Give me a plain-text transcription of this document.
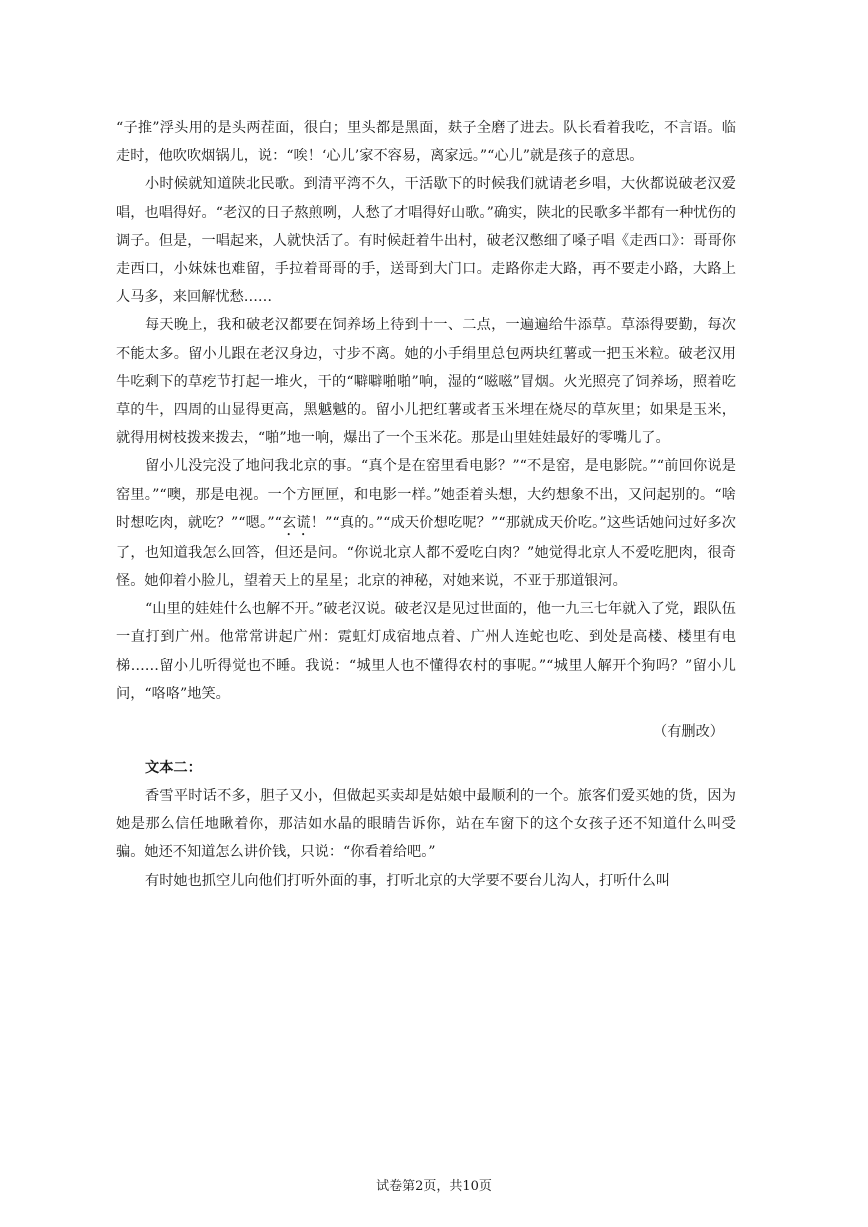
“子推”浮头用的是头两茬面，很白；里头都是黑面，麸子全磨了进去。队长看着我吃，不言语。临走时，他吹吹烟锅儿，说：“唉！‘心儿’家不容易，离家远。”“心儿”就是孩子的意思。

小时候就知道陕北民歌。到清平湾不久，干活歇下的时候我们就请老乡唱，大伙都说破老汉爱唱，也唱得好。“老汉的日子熬煎咧，人愁了才唱得好山歌。”确实，陕北的民歌多半都有一种忧伤的调子。但是，一唱起来，人就快活了。有时候赶着牛出村，破老汉憋细了嗓子唱《走西口》：哥哥你走西口，小妹妹也难留，手拉着哥哥的手，送哥到大门口。走路你走大路，再不要走小路，大路上人马多，来回解忧愁……

每天晚上，我和破老汉都要在饲养场上待到十一、二点，一遍遍给牛添草。草添得要勤，每次不能太多。留小儿跟在老汉身边，寸步不离。她的小手绢里总包两块红薯或一把玉米粒。破老汉用牛吃剩下的草疙节打起一堆火，干的“噼噼啪啪”响，湿的“嗞嗞”冒烟。火光照亮了饲养场，照着吃草的牛，四周的山显得更高，黑魆魆的。留小儿把红薯或者玉米埋在烧尽的草灰里；如果是玉米，就得用树枝拨来拨去，“啪”地一响，爆出了一个玉米花。那是山里娃娃最好的零嘴儿了。

留小儿没完没了地问我北京的事。“真个是在窑里看电影？”“不是窑，是电影院。”“前回你说是窑里。”“噢，那是电视。一个方匣匣，和电影一样。”她歪着头想，大约想象不出，又问起别的。“啥时想吃肉，就吃？”“嗯。”“玄谎！”“真的。”“成天价想吃呢？”“那就成天价吃。”这些话她问过好多次了，也知道我怎么回答，但还是问。“你说北京人都不爱吃白肉？”她觉得北京人不爱吃肥肉，很奇怪。她仰着小脸儿，望着天上的星星；北京的神秘，对她来说，不亚于那道银河。

“山里的娃娃什么也解不开。”破老汉说。破老汉是见过世面的，他一九三七年就入了党，跟队伍一直打到广州。他常常讲起广州：霓虹灯成宿地点着、广州人连蛇也吃、到处是高楼、楼里有电梯……留小儿听得觉也不睡。我说：“城里人也不懂得农村的事呢。”“城里人解开个狗吗？”留小儿问，“咯咯”地笑。

（有删改）

文本二：

香雪平时话不多，胆子又小，但做起买卖却是姑娘中最顺利的一个。旅客们爱买她的货，因为她是那么信任地瞅着你，那洁如水晶的眼睛告诉你，站在车窗下的这个女孩子还不知道什么叫受骗。她还不知道怎么讲价钱，只说：“你看着给吧。”

有时她也抓空儿向他们打听外面的事，打听北京的大学要不要台儿沟人，打听什么叫

试卷第2页，共10页
